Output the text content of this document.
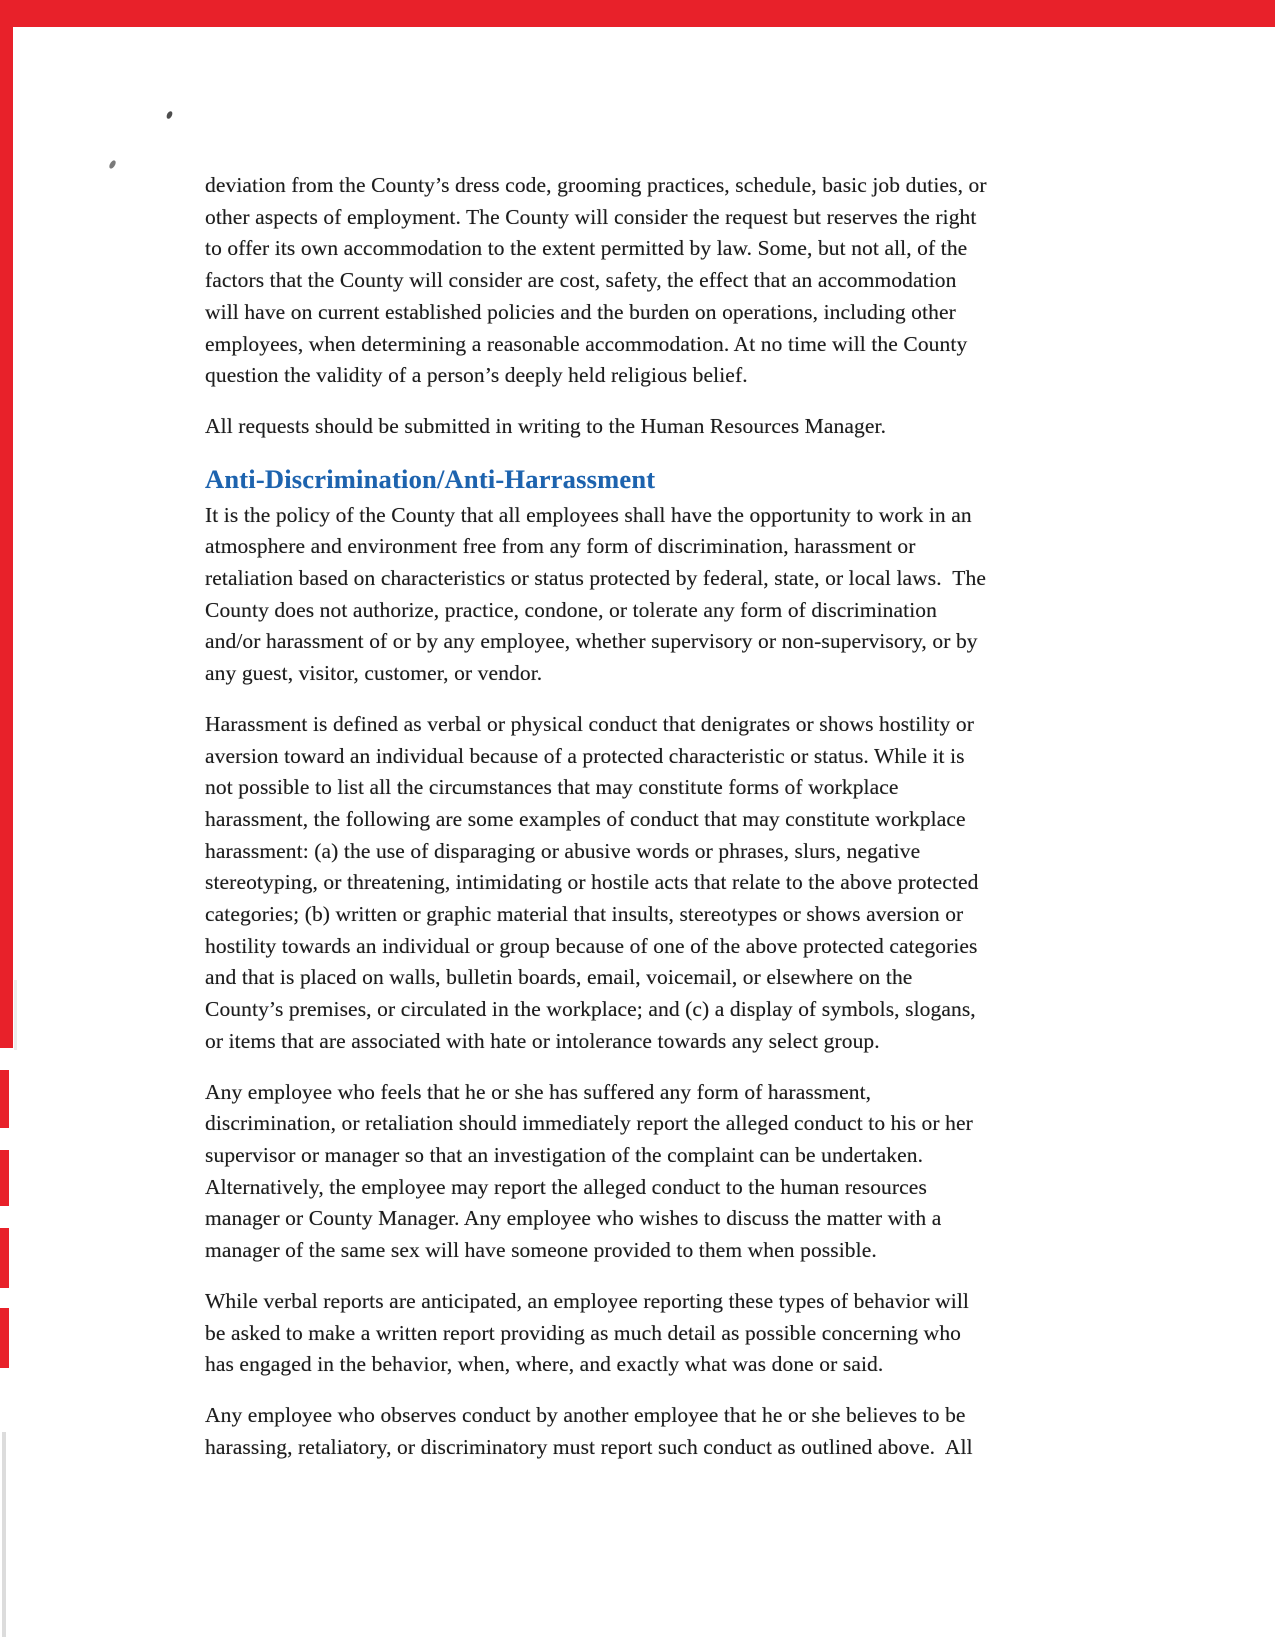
deviation from the County’s dress code, grooming practices, schedule, basic job duties, or
other aspects of employment. The County will consider the request but reserves the right
to offer its own accommodation to the extent permitted by law. Some, but not all, of the
factors that the County will consider are cost, safety, the effect that an accommodation
will have on current established policies and the burden on operations, including other
employees, when determining a reasonable accommodation. At no time will the County
question the validity of a person’s deeply held religious belief.

All requests should be submitted in writing to the Human Resources Manager.

Anti-Discrimination/Anti-Harrassment

It is the policy of the County that all employees shall have the opportunity to work in an
atmosphere and environment free from any form of discrimination, harassment or
retaliation based on characteristics or status protected by federal, state, or local laws.  The
County does not authorize, practice, condone, or tolerate any form of discrimination
and/or harassment of or by any employee, whether supervisory or non-supervisory, or by
any guest, visitor, customer, or vendor.

Harassment is defined as verbal or physical conduct that denigrates or shows hostility or
aversion toward an individual because of a protected characteristic or status. While it is
not possible to list all the circumstances that may constitute forms of workplace
harassment, the following are some examples of conduct that may constitute workplace
harassment: (a) the use of disparaging or abusive words or phrases, slurs, negative
stereotyping, or threatening, intimidating or hostile acts that relate to the above protected
categories; (b) written or graphic material that insults, stereotypes or shows aversion or
hostility towards an individual or group because of one of the above protected categories
and that is placed on walls, bulletin boards, email, voicemail, or elsewhere on the
County’s premises, or circulated in the workplace; and (c) a display of symbols, slogans,
or items that are associated with hate or intolerance towards any select group.

Any employee who feels that he or she has suffered any form of harassment,
discrimination, or retaliation should immediately report the alleged conduct to his or her
supervisor or manager so that an investigation of the complaint can be undertaken.
Alternatively, the employee may report the alleged conduct to the human resources
manager or County Manager. Any employee who wishes to discuss the matter with a
manager of the same sex will have someone provided to them when possible.

While verbal reports are anticipated, an employee reporting these types of behavior will
be asked to make a written report providing as much detail as possible concerning who
has engaged in the behavior, when, where, and exactly what was done or said.

Any employee who observes conduct by another employee that he or she believes to be
harassing, retaliatory, or discriminatory must report such conduct as outlined above.  All
